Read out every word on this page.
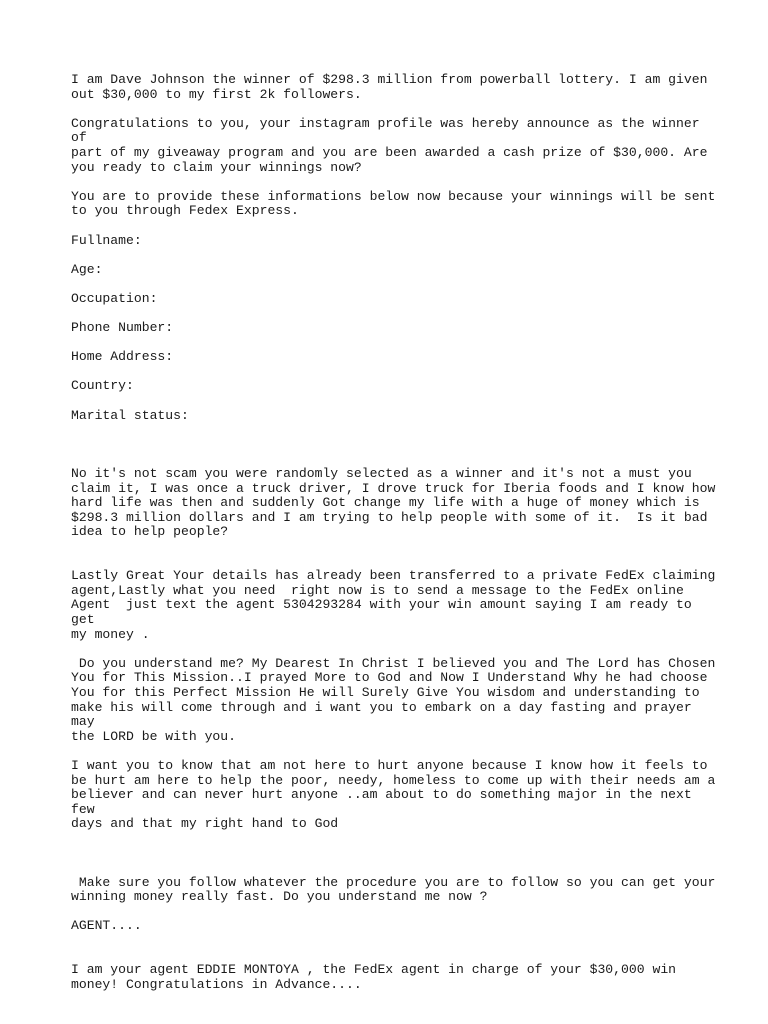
I am Dave Johnson the winner of $298.3 million from powerball lottery. I am given
out $30,000 to my first 2k followers.

Congratulations to you, your instagram profile was hereby announce as the winner of
part of my giveaway program and you are been awarded a cash prize of $30,000. Are
you ready to claim your winnings now?

You are to provide these informations below now because your winnings will be sent
to you through Fedex Express.

Fullname:

Age:

Occupation:

Phone Number:

Home Address:

Country:

Marital status:

No it's not scam you were randomly selected as a winner and it's not a must you
claim it, I was once a truck driver, I drove truck for Iberia foods and I know how
hard life was then and suddenly Got change my life with a huge of money which is
$298.3 million dollars and I am trying to help people with some of it.  Is it bad
idea to help people?

Lastly Great Your details has already been transferred to a private FedEx claiming
agent,Lastly what you need  right now is to send a message to the FedEx online
Agent  just text the agent 5304293284 with your win amount saying I am ready to get
my money .

Do you understand me? My Dearest In Christ I believed you and The Lord has Chosen
You for This Mission..I prayed More to God and Now I Understand Why he had choose
You for this Perfect Mission He will Surely Give You wisdom and understanding to
make his will come through and i want you to embark on a day fasting and prayer may
the LORD be with you.

I want you to know that am not here to hurt anyone because I know how it feels to
be hurt am here to help the poor, needy, homeless to come up with their needs am a
believer and can never hurt anyone ..am about to do something major in the next few
days and that my right hand to God

Make sure you follow whatever the procedure you are to follow so you can get your
winning money really fast. Do you understand me now ?

AGENT....

I am your agent EDDIE MONTOYA , the FedEx agent in charge of your $30,000 win
money! Congratulations in Advance....
